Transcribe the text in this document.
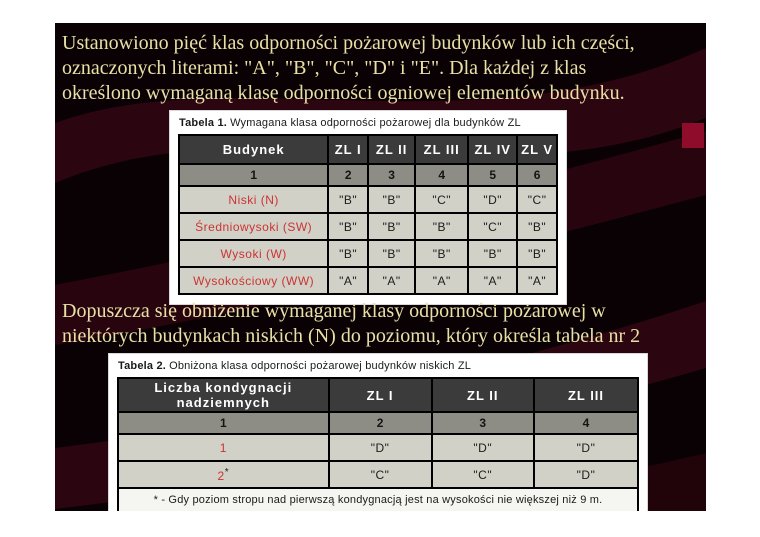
Ustanowiono pięć klas odporności pożarowej budynków lub ich części,
oznaczonych literami: "A", "B", "C", "D" i "E". Dla każdej z klas
określono wymaganą klasę odporności ogniowej elementów budynku.
Tabela 1. Wymagana klasa odporności pożarowej dla budynków ZL
Budynek	ZL I	ZL II	ZL III	ZL IV	ZL V
1	2	3	4	5	6
Niski (N)	"B"	"B"	"C"	"D"	"C"
Średniowysoki (SW)	"B"	"B"	"B"	"C"	"B"
Wysoki (W)	"B"	"B"	"B"	"B"	"B"
Wysokościowy (WW)	"A"	"A"	"A"	"A"	"A"
Dopuszcza się obniżenie wymaganej klasy odporności pożarowej w
niektórych budynkach niskich (N) do poziomu, który określa tabela nr 2
Tabela 2. Obniżona klasa odporności pożarowej budynków niskich ZL
Liczba kondygnacji nadziemnych	ZL I	ZL II	ZL III
1	2	3	4
1	"D"	"D"	"D"
2*	"C"	"C"	"D"
* - Gdy poziom stropu nad pierwszą kondygnacją jest na wysokości nie większej niż 9 m.			
